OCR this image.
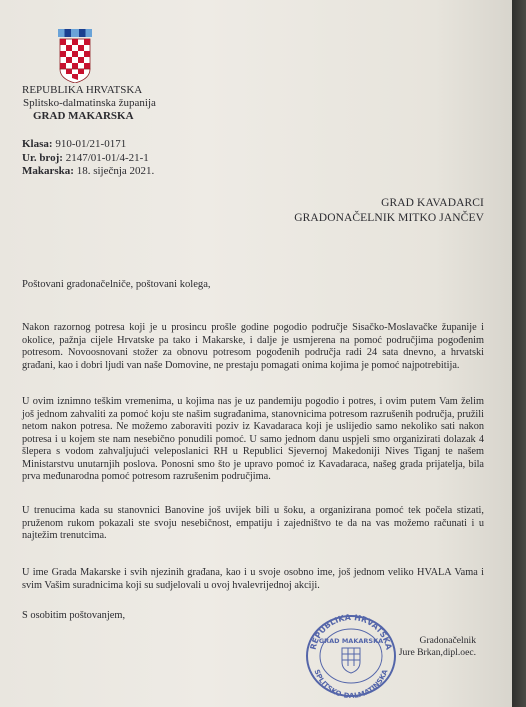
REPUBLIKA HRVATSKA
Splitsko-dalmatinska županija
GRAD MAKARSKA
Klasa: 910-01/21-0171
Ur. broj: 2147/01-01/4-21-1
Makarska: 18. siječnja 2021.
GRAD KAVADARCI
GRADONAČELNIK MITKO JANČEV

Poštovani gradonačelniče, poštovani kolega,

Nakon razornog potresa koji je u prosincu prošle godine pogodio područje Sisačko-Moslavačke županije i okolice, pažnja cijele Hrvatske pa tako i Makarske, i dalje je usmjerena na pomoć područjima pogođenim potresom. Novoosnovani stožer za obnovu potresom pogođenih područja radi 24 sata dnevno, a hrvatski građani, kao i dobri ljudi van naše Domovine, ne prestaju pomagati onima kojima je pomoć najpotrebitija.

U ovim iznimno teškim vremenima, u kojima nas je uz pandemiju pogodio i potres, i ovim putem Vam želim još jednom zahvaliti za pomoć koju ste našim sugrađanima, stanovnicima potresom razrušenih područja, pružili netom nakon potresa. Ne možemo zaboraviti poziv iz Kavadaraca koji je uslijedio samo nekoliko sati nakon potresa i u kojem ste nam nesebično ponudili pomoć. U samo jednom danu uspjeli smo organizirati dolazak 4 šlepera s vodom zahvaljujući veleposlanici RH u Republici Sjevernoj Makedoniji Nives Tiganj te našem Ministarstvu unutarnjih poslova. Ponosni smo što je upravo pomoć iz Kavadaraca, našeg grada prijatelja, bila prva međunarodna pomoć potresom razrušenim područjima.

U trenucima kada su stanovnici Banovine još uvijek bili u šoku, a organizirana pomoć tek počela stizati, pruženom rukom pokazali ste svoju nesebičnost, empatiju i zajedništvo te da na vas možemo računati i u najtežim trenutcima.

U ime Grada Makarske i svih njezinih građana, kao i u svoje osobno ime, još jednom veliko HVALA Vama i svim Vašim suradnicima koji su sudjelovali u ovoj hvalevrijednoj akciji.

S osobitim poštovanjem,

REPUBLIKA HRVATSKA
SPLITSKO-DALMATINSKA
GRAD MAKARSKA	Gradonačelnik
Jure Brkan,dipl.oec.
